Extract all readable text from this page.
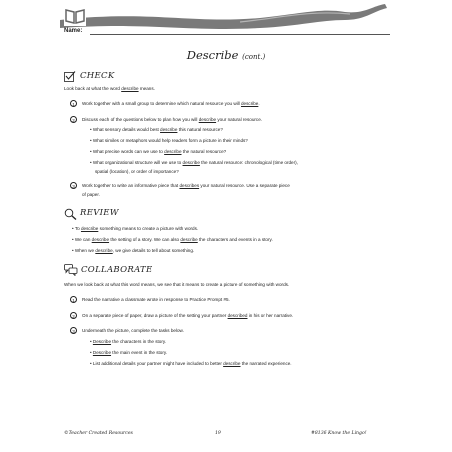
Name:
Describe (cont.)
CHECK
Look back at what the word describe means.
1	Work together with a small group to determine which natural resource you will describe.
2	Discuss each of the questions below to plan how you will describe your natural resource.
• What sensory details would best describe this natural resource?
• What similes or metaphors would help readers form a picture in their minds?
• What precise words can we use to describe the natural resource?
• What organizational structure will we use to describe the natural resource: chronological (time order),
spatial (location), or order of importance?
3	Work together to write an informative piece that describes your natural resource. Use a separate piece
of paper.
REVIEW
• To describe something means to create a picture with words.
• We can describe the setting of a story. We can also describe the characters and events in a story.
• When we describe, we give details to tell about something.
COLLABORATE
When we look back at what this word means, we see that it means to create a picture of something with words.
1	Read the narrative a classmate wrote in response to Practice Prompt #5.
2	On a separate piece of paper, draw a picture of the setting your partner described in his or her narrative.
3	Underneath the picture, complete the tasks below.
• Describe the characters in the story.
• Describe the main event in the story.
• List additional details your partner might have included to better describe the narrated experience.
©Teacher Created Resources	19	#8136 Know the Lingo!
